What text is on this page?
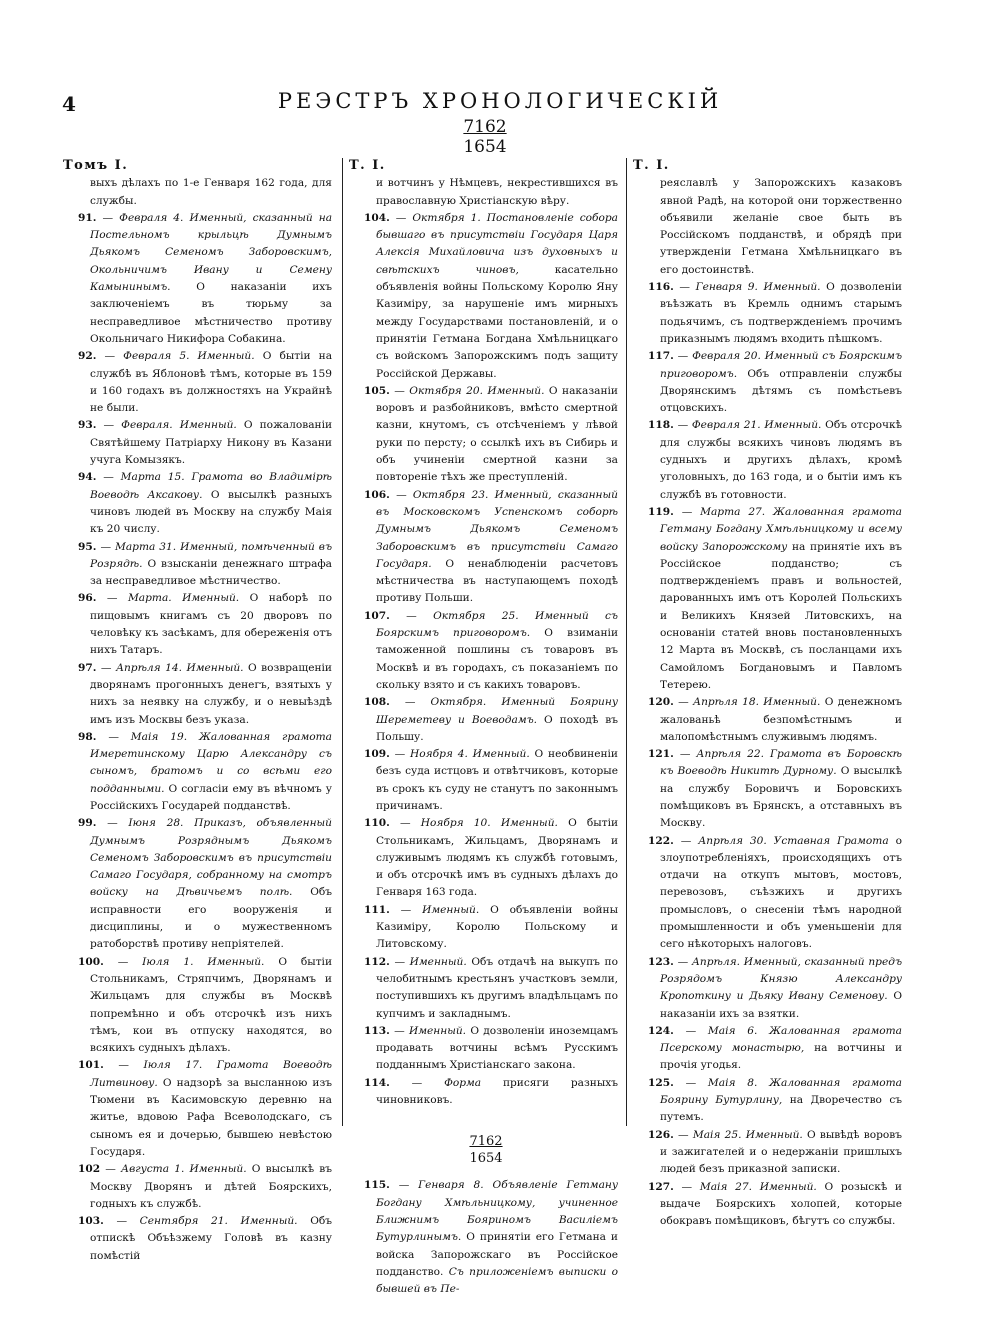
4	РЕЭСТРЪ ХРОНОЛОГИЧЕСКІЙ
7162
1654
Томъ I.
выхъ дѣлахъ по 1-е Генваря 162 года, для службы.

91. — Февраля 4. Именный, сказанный на Постельномъ крыльцѣ Думнымъ Дьякомъ Семеномъ Заборовскимъ, Окольничимъ Ивану и Семену Камынинымъ. О наказаніи ихъ заключеніемъ въ тюрьму за несправедливое мѣстничество противу Окольничаго Никифора Собакина.

92. — Февраля 5. Именный. О бытіи на службѣ въ Яблоновѣ тѣмъ, которые въ 159 и 160 годахъ въ должностяхъ на Украйнѣ не были.

93. — Февраля. Именный. О пожалованіи Святѣйшему Патріарху Никону въ Казани учуга Комызякъ.

94. — Марта 15. Грамота во Владимірѣ Воеводѣ Аксакову. О высылкѣ разныхъ чиновъ людей въ Москву на службу Маія къ 20 числу.

95. — Марта 31. Именный, помѣченный въ Розрядѣ. О взысканіи денежнаго штрафа за несправедливое мѣстничество.

96. — Марта. Именный. О наборѣ по пищовымъ книгамъ съ 20 дворовъ по человѣку къ засѣкамъ, для обереженія отъ нихъ Татаръ.

97. — Апрѣля 14. Именный. О возвращеніи дворянамъ прогонныхъ денегъ, взятыхъ у нихъ за неявку на службу, и о невыѣздѣ имъ изъ Москвы безъ указа.

98. — Маія 19. Жалованная грамота Имеретинскому Царю Александру съ сыномъ, братомъ и со всѣми его подданными. О согласіи ему въ вѣчномъ у Россійскихъ Государей подданствѣ.

99. — Іюня 28. Приказъ, объявленный Думнымъ Розряднымъ Дьякомъ Семеномъ Заборовскимъ въ присутствіи Самаго Государя, собранному на смотръ войску на Дѣвичьемъ полѣ. Объ исправности его вооруженія и дисциплины, и о мужественномъ ратоборствѣ противу непріятелей.

100. — Іюля 1. Именный. О бытіи Стольникамъ, Стряпчимъ, Дворянамъ и Жильцамъ для службы въ Москвѣ попремѣнно и объ отсрочкѣ изъ нихъ тѣмъ, кои въ отпуску находятся, во всякихъ судныхъ дѣлахъ.

101. — Іюля 17. Грамота Воеводѣ Литвинову. О надзорѣ за высланною изъ Тюмени въ Касимовскую деревню на житье, вдовою Рафа Всеволодскаго, съ сыномъ ея и дочерью, бывшею невѣстою Государя.

102 — Августа 1. Именный. О высылкѣ въ Москву Дворянъ и дѣтей Боярскихъ, годныхъ къ службѣ.

103. — Сентября 21. Именный. Объ отпискѣ Объѣзжему Головѣ въ казну помѣстій

Т. I.
и вотчинъ у Нѣмцевъ, некрестившихся въ православную Христіанскую вѣру.

104. — Октября 1. Постановленіе собора бывшаго въ присутствіи Государя Царя Алексія Михайловича изъ духовныхъ и свѣтскихъ чиновъ,	касательно объявленія войны Польскому Королю Яну Казиміру, за нарушеніе имъ мирныхъ между Государствами постановленій, и о принятіи Гетмана Богдана Хмѣльницкаго съ войскомъ Запорожскимъ подъ защиту Россійской Державы.

105. — Октября 20. Именный. О наказаніи воровъ и разбойниковъ, вмѣсто смертной казни, кнутомъ, съ отсѣченіемъ у лѣвой руки по персту; о ссылкѣ ихъ въ Сибирь и объ учиненіи смертной казни за повтореніе тѣхъ же преступленій.

106. — Октября 23. Именный, сказанный въ Московскомъ Успенскомъ соборѣ Думнымъ Дьякомъ Семеномъ Заборовскимъ въ присутствіи Самаго Государя. О ненаблюденіи расчетовъ мѣстничества въ наступающемъ походѣ противу Польши.

107. — Октября 25. Именный съ Боярскимъ приговоромъ. О взиманіи таможенной пошлины съ товаровъ въ Москвѣ и въ городахъ, съ показаніемъ по скольку взято и съ какихъ товаровъ.

108. — Октября. Именный Боярину Шереметеву и Воеводамъ. О походѣ въ Польшу.

109. — Ноября 4. Именный. О необвиненіи безъ суда истцовъ и отвѣтчиковъ, которые въ срокъ къ суду не станутъ по законнымъ причинамъ.

110. — Ноября 10. Именный. О бытіи Стольникамъ, Жильцамъ, Дворянамъ и служивымъ людямъ къ службѣ готовымъ, и объ отсрочкѣ имъ въ судныхъ дѣлахъ до Генваря 163 года.

111. — Именный. О объявленіи войны Казиміру, Королю Польскому и Литовскому.

112. — Именный. Объ отдачѣ на выкупъ по челобитнымъ крестьянъ участковъ земли, поступившихъ къ другимъ владѣльцамъ по купчимъ и закладнымъ.

113. — Именный. О дозволеніи иноземцамъ продавать вотчины всѣмъ Русскимъ подданнымъ Христіанскаго закона.

114. — Форма присяги разныхъ чиновниковъ.

7162
1654

115. — Генваря 8. Объявленіе Гетману Богдану Хмѣльницкому, учиненное Ближнимъ Бояриномъ Василіемъ Бутурлинымъ. О принятіи его Гетмана и войска Запорожскаго въ Россійское подданство. Съ приложеніемъ выписки о бывшей въ Пе-

Т. I.
реяславлѣ у Запорожскихъ казаковъ явной Радѣ, на которой они торжественно объявили желаніе свое быть въ Россійскомъ подданствѣ, и обрядѣ при утвержденіи Гетмана Хмѣльницкаго въ его достоинствѣ.

116. — Генваря 9. Именный. О дозволеніи въѣзжать въ Кремль однимъ старымъ подьячимъ, съ подтвержденіемъ прочимъ приказнымъ людямъ входить пѣшкомъ.

117. — Февраля 20. Именный съ Боярскимъ приговоромъ. Объ отправленіи службы Дворянскимъ дѣтямъ съ помѣстьевъ отцовскихъ.

118. — Февраля 21. Именный. Объ отсрочкѣ для службы всякихъ чиновъ людямъ въ судныхъ и другихъ дѣлахъ, кромѣ уголовныхъ, до 163 года, и о бытіи имъ къ службѣ въ готовности.

119. — Марта 27. Жалованная грамота Гетману Богдану Хмѣльницкому и всему войску Запорожскому на принятіе ихъ въ Россійское подданство; съ подтвержденіемъ правъ и вольностей, дарованныхъ имъ отъ Королей Польскихъ и Великихъ Князей Литовскихъ, на основаніи статей вновь постановленныхъ 12 Марта въ Москвѣ, съ посланцами ихъ Самойломъ Богдановымъ и Павломъ Тетерею.

120. — Апрѣля 18. Именный. О денежномъ жалованьѣ безпомѣстнымъ и малопомѣстнымъ служивымъ людямъ.

121. — Апрѣля 22. Грамота въ Боровскѣ къ Воеводѣ Никитѣ Дурному. О высылкѣ на службу Боровичъ и Боровскихъ помѣщиковъ въ Брянскъ, а отставныхъ въ Москву.

122. — Апрѣля 30. Уставная Грамота о злоупотребленіяхъ, происходящихъ отъ отдачи на откупъ мытовъ, мостовъ, перевозовъ, съѣзжихъ и другихъ промысловъ, о снесеніи тѣмъ народной промышленности и объ уменьшеніи для сего нѣкоторыхъ налоговъ.

123. — Апрѣля. Именный, сказанный предъ Розрядомъ Князю Александру Кропоткину и Дьяку Ивану Семенову. О наказаніи ихъ за взятки.

124. — Маія 6. Жалованная грамота Псерскому монастырю, на вотчины и прочія угодья.

125. — Маія 8. Жалованная грамота Боярину Бутурлину, на Дворечество съ путемъ.

126. — Маія 25. Именный. О вывѣдѣ воровъ и зажигателей и о недержаніи пришлыхъ людей безъ приказной записки.

127. — Маія 27. Именный. О розыскѣ и выдаче Боярскихъ холопей, которые обокравъ помѣщиковъ, бѣгутъ со службы.
